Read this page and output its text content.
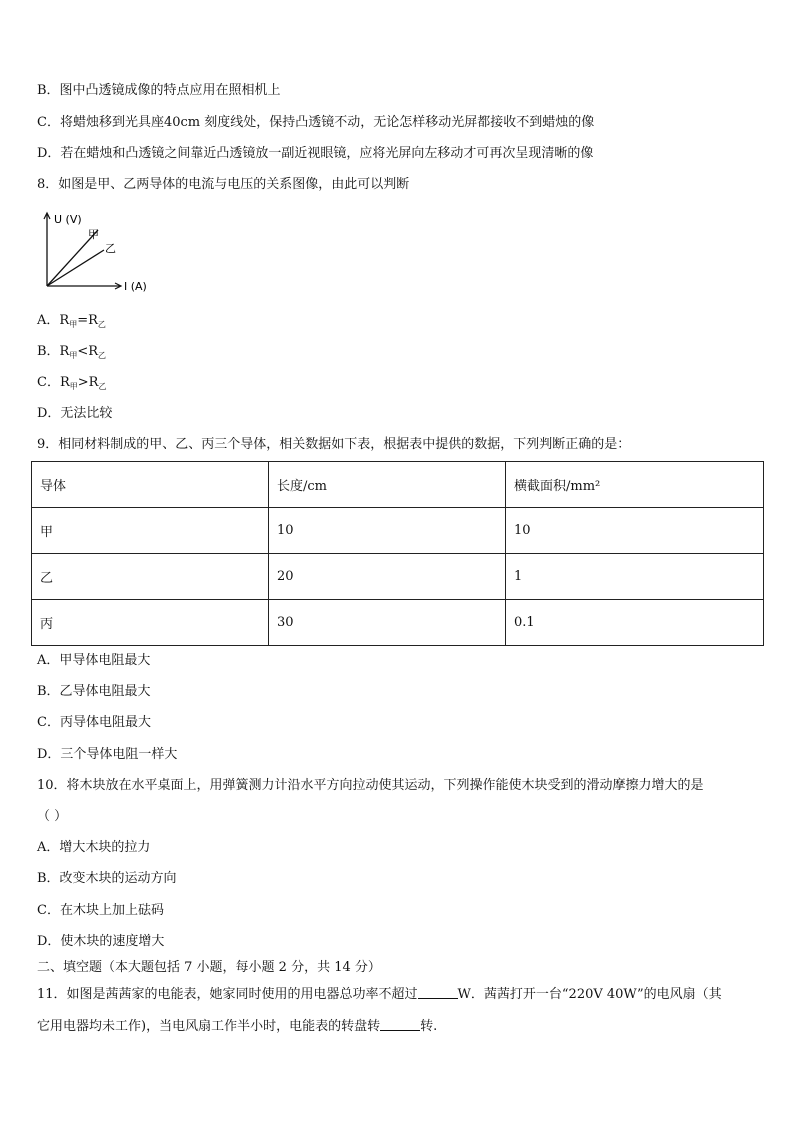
B．图中凸透镜成像的特点应用在照相机上
C．将蜡烛移到光具座40cm 刻度线处，保持凸透镜不动，无论怎样移动光屏都接收不到蜡烛的像
D．若在蜡烛和凸透镜之间靠近凸透镜放一副近视眼镜，应将光屏向左移动才可再次呈现清晰的像
8．如图是甲、乙两导体的电流与电压的关系图像，由此可以判断
U (V)
I (A)
甲
乙
A．$R_甲=R_乙$
B．$R_甲<R_乙$
C．$R_甲>R_乙$
D．无法比较
9．相同材料制成的甲、乙、丙三个导体，相关数据如下表，根据表中提供的数据，下列判断正确的是：
导体	长度/cm	横截面积/mm²
甲	10	10
乙	20	1
丙	30	0.1
A．甲导体电阻最大
B．乙导体电阻最大
C．丙导体电阻最大
D．三个导体电阻一样大
10．将木块放在水平桌面上，用弹簧测力计沿水平方向拉动使其运动，下列操作能使木块受到的滑动摩擦力增大的是
（ ）
A．增大木块的拉力
B．改变木块的运动方向
C．在木块上加上砝码
D．使木块的速度增大
二、填空题（本大题包括 7 小题，每小题 2 分，共 14 分）
11．如图是茜茜家的电能表，她家同时使用的用电器总功率不超过	W．茜茜打开一台“220V 40W”的电风扇（其
它用电器均未工作)，当电风扇工作半小时，电能表的转盘转	转.
